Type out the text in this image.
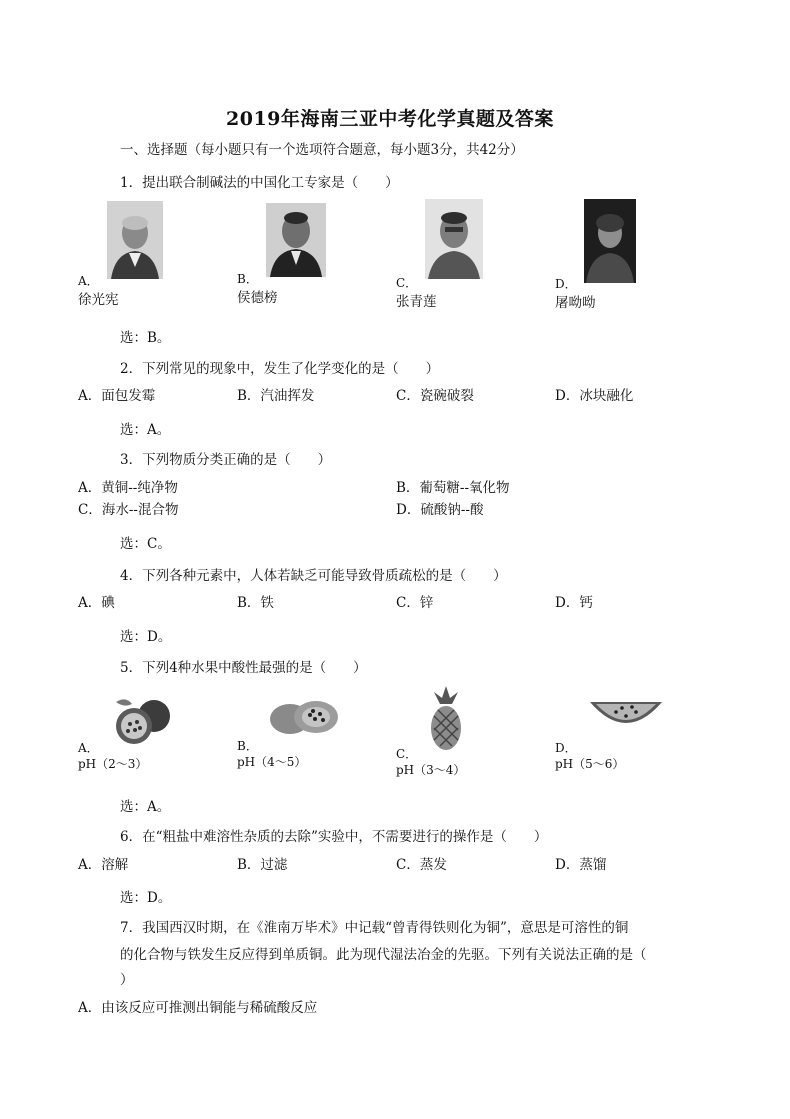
2019年海南三亚中考化学真题及答案
一、选择题（每小题只有一个选项符合题意，每小题3分，共42分）
1．提出联合制碱法的中国化工专家是（　　）
A．
徐光宪
B．
侯德榜
C．
张青莲
D．
屠呦呦
选：B。
2．下列常见的现象中，发生了化学变化的是（　　）
A．面包发霉	B．汽油挥发	C．瓷碗破裂	D．冰块融化
选：A。
3．下列物质分类正确的是（　　）
A．黄铜--纯净物	B．葡萄糖--氧化物
C．海水--混合物	D．硫酸钠--酸
选：C。
4．下列各种元素中，人体若缺乏可能导致骨质疏松的是（　　）
A．碘	B．铁	C．锌	D．钙
选：D。
5．下列4种水果中酸性最强的是（　　）
A．
pH（2～3）
B．
pH（4～5）
C．
pH（3～4）
D．
pH（5～6）
选：A。
6．在“粗盐中难溶性杂质的去除”实验中，不需要进行的操作是（　　）
A．溶解	B．过滤	C．蒸发	D．蒸馏
选：D。
7．我国西汉时期，在《淮南万毕术》中记载“曾青得铁则化为铜”，意思是可溶性的铜
的化合物与铁发生反应得到单质铜。此为现代湿法冶金的先驱。下列有关说法正确的是（
）
A．由该反应可推测出铜能与稀硫酸反应
